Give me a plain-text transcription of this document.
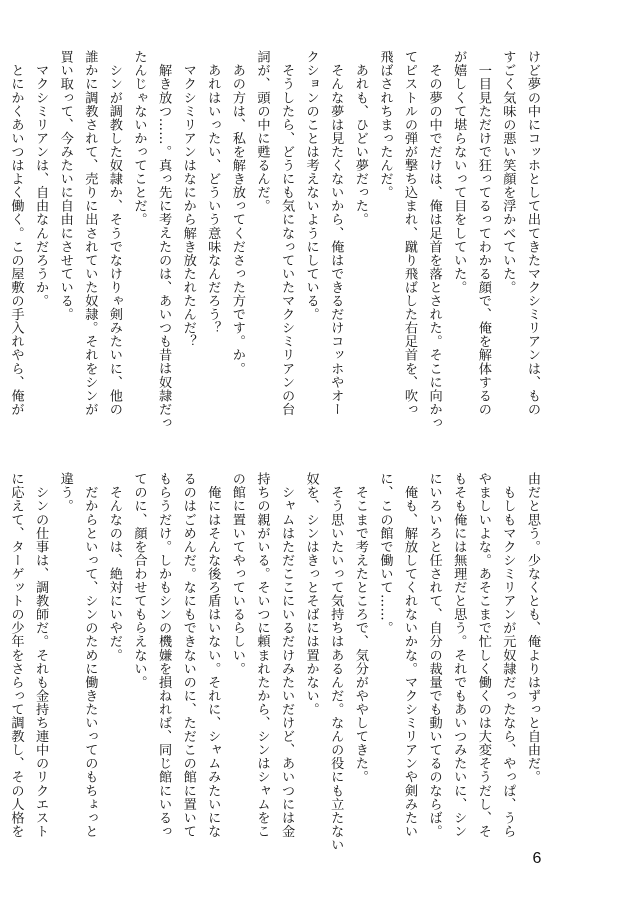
けど夢の中にコッホとして出てきたマクシミリアンは、もの

すごく気味の悪い笑顔を浮かべていた。

　一目見ただけで狂ってるってわかる顔で、俺を解体するの

が嬉しくて堪らないって目をしていた。

　その夢の中でだけは、俺は足首を落とされた。そこに向かっ

てピストルの弾が撃ち込まれ、蹴り飛ばした右足首を、吹っ

飛ばされちまったんだ。

　あれも、ひどい夢だった。

　そんな夢は見たくないから、俺はできるだけコッホやオー

クションのことは考えないようにしている。

　そうしたら、どうにも気になっていたマクシミリアンの台

詞が、頭の中に甦るんだ。

　あの方は、私を解き放ってくださった方です。か。

　あれはいったい、どういう意味なんだろう？

　マクシミリアンはなにから解き放たれたんだ？

　解き放つ……。真っ先に考えたのは、あいつも昔は奴隷だっ

たんじゃないかってことだ。

　シンが調教した奴隷か、そうでなけりゃ剣みたいに、他の

誰かに調教されて、売りに出されていた奴隷。それをシンが

買い取って、今みたいに自由にさせている。

　マクシミリアンは、自由なんだろうか。

　とにかくあいつはよく働く。この屋敷の手入れやら、俺が

由だと思う。少なくとも、俺よりはずっと自由だ。

　もしもマクシミリアンが元奴隷だったなら、やっぱ、うら

やましいよな。あそこまで忙しく働くのは大変そうだし、そ

もそも俺には無理だと思う。それでもあいつみたいに、シン

にいろいろと任されて、自分の裁量でも動いてるのならば。

　俺も、解放してくれないかな。マクシミリアンや剣みたい

に、この館で働いて……。

　そこまで考えたところで、気分がややしてきた。

　そう思いたいって気持ちはあるんだ。なんの役にも立たない

奴を、シンはきっとそばには置かない。

　シャムはただここにいるだけみたいだけど、あいつには金

持ちの親がいる。そいつに頼まれたから、シンはシャムをこ

の館に置いてやっているらしい。

　俺にはそんな後ろ盾はいない。それに、シャムみたいにな

るのはごめんだ。なにもできないのに、ただこの館に置いて

もらうだけ。しかもシンの機嫌を損ねれば、同じ館にいるっ

てのに、顔を合わせてもらえない。

　そんなのは、絶対にいやだ。

　だからといって、シンのために働きたいってのもちょっと

違う。

　シンの仕事は、調教師だ。それも金持ち連中のリクエスト

に応えて、ターゲットの少年をさらって調教し、その人格を

6
